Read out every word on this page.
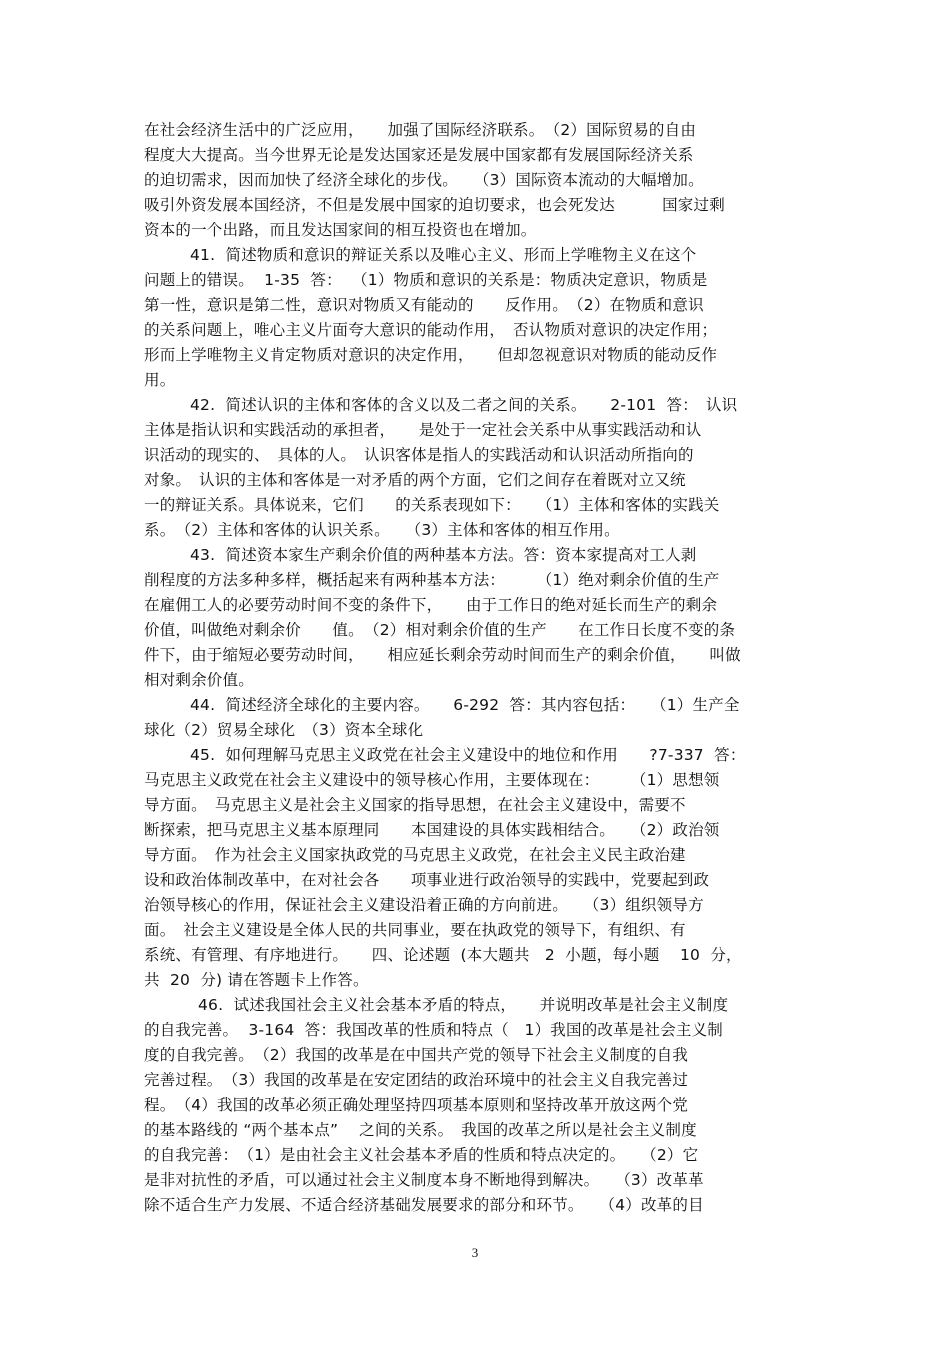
在社会经济生活中的广泛应用，　　加强了国际经济联系。　（2）国际贸易的自由
程度大大提高。当今世界无论是发达国家还是发展中国家都有发展国际经济关系
的迫切需求，因而加快了经济全球化的步伐。　　（3）国际资本流动的大幅增加。
吸引外资发展本国经济，不但是发展中国家的迫切要求，也会死发达　　　国家过剩
资本的一个出路，而且发达国家间的相互投资也在增加。
41.  简述物质和意识的辩证关系以及唯心主义、形而上学唯物主义在这个
问题上的错误。  1-35  答：  （1）物质和意识的关系是：物质决定意识，物质是
第一性，意识是第二性，意识对物质又有能动的　　反作用。　（2）在物质和意识
的关系问题上，唯心主义片面夸大意识的能动作用，　否认物质对意识的决定作用；
形而上学唯物主义肯定物质对意识的决定作用，　　但却忽视意识对物质的能动反作
用。
42.  简述认识的主体和客体的含义以及二者之间的关系。　　2-101  答：　认识
主体是指认识和实践活动的承担者，　　是处于一定社会关系中从事实践活动和认
识活动的现实的、　具体的人。　认识客体是指人的实践活动和认识活动所指向的
对象。　认识的主体和客体是一对矛盾的两个方面，它们之间存在着既对立又统
一的辩证关系。具体说来，它们　　的关系表现如下：　　（1）主体和客体的实践关
系。　（2）主体和客体的认识关系。　　（3）主体和客体的相互作用。
43.  简述资本家生产剩余价值的两种基本方法。答：资本家提高对工人剥
削程度的方法多种多样，概括起来有两种基本方法：　　　（1）绝对剩余价值的生产
在雇佣工人的必要劳动时间不变的条件下，　　由于工作日的绝对延长而生产的剩余
价值，叫做绝对剩余价　　值。　（2）相对剩余价值的生产　　在工作日长度不变的条
件下，由于缩短必要劳动时间，　　相应延长剩余劳动时间而生产的剩余价值，　　叫做
相对剩余价值。
44.  简述经济全球化的主要内容。　　6-292  答：其内容包括：　　（1）生产全
球化（2）贸易全球化　（3）资本全球化
45.  如何理解马克思主义政党在社会主义建设中的地位和作用　　?7-337  答：
马克思主义政党在社会主义建设中的领导核心作用，主要体现在：　　　（1）思想领
导方面。　马克思主义是社会主义国家的指导思想，在社会主义建设中，需要不
断探索，把马克思主义基本原理同　　本国建设的具体实践相结合。　　（2）政治领
导方面。　作为社会主义国家执政党的马克思主义政党，在社会主义民主政治建
设和政治体制改革中，在对社会各　　项事业进行政治领导的实践中，党要起到政
治领导核心的作用，保证社会主义建设沿着正确的方向前进。　　（3）组织领导方
面。　社会主义建设是全体人民的共同事业，要在执政党的领导下，有组织、有
系统、有管理、有序地进行。　　四、论述题  (本大题共   2  小题，每小题    10  分，
共  20  分) 请在答题卡上作答。
46.  试述我国社会主义社会基本矛盾的特点，　　并说明改革是社会主义制度
的自我完善。  3-164  答：我国改革的性质和特点（　1）我国的改革是社会主义制
度的自我完善。　（2）我国的改革是在中国共产党的领导下社会主义制度的自我
完善过程。　（3）我国的改革是在安定团结的政治环境中的社会主义自我完善过
程。　（4）我国的改革必须正确处理坚持四项基本原则和坚持改革开放这两个党
的基本路线的 “两个基本点”　 之间的关系。　我国的改革之所以是社会主义制度
的自我完善：　（1）是由社会主义社会基本矛盾的性质和特点决定的。　　（2）它
是非对抗性的矛盾，可以通过社会主义制度本身不断地得到解决。　　（3）改革革
除不适合生产力发展、不适合经济基础发展要求的部分和环节。　　（4）改革的目
3
